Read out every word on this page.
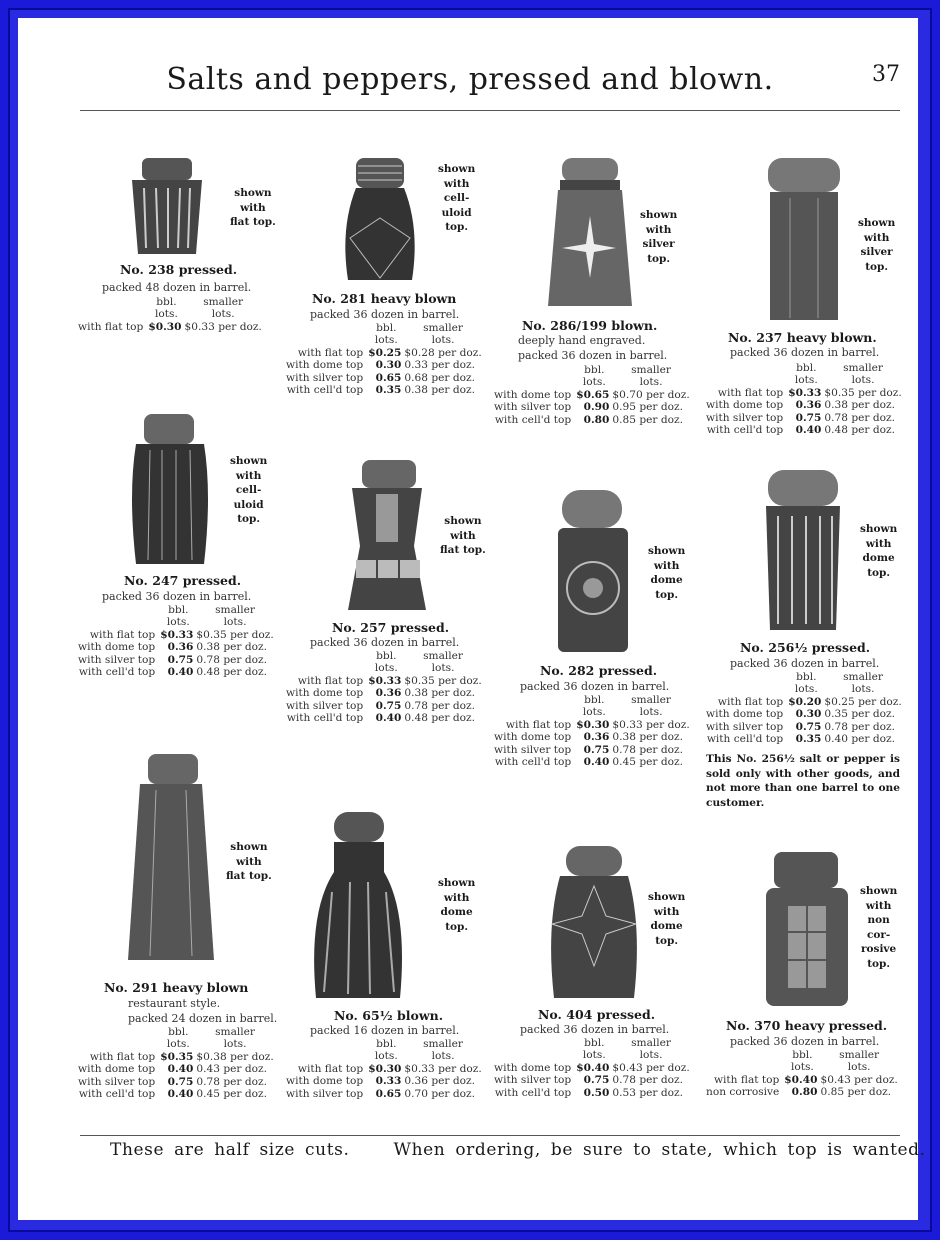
Salts and peppers, pressed and blown.	37
These are half size cuts.	When ordering, be sure to state, which top is wanted.
shown
with
flat top.
No. 238 pressed.
packed 48 dozen in barrel.
	bbl.	smaller
	lots.	lots.
with flat top	$0.30	$0.33 per doz.
shown
with
cell-
uloid
top.
No. 281 heavy blown
packed 36 dozen in barrel.
	bbl.	smaller
	lots.	lots.
with flat top	$0.25	$0.28 per doz.
with dome top	0.30	0.33 per doz.
with silver top	0.65	0.68 per doz.
with cell'd top	0.35	0.38 per doz.
shown
with
silver
top.
No. 286/199 blown.
deeply hand engraved.
packed 36 dozen in barrel.
	bbl.	smaller
	lots.	lots.
with dome top	$0.65	$0.70 per doz.
with silver top	0.90	0.95 per doz.
with cell'd top	0.80	0.85 per doz.
shown
with
silver
top.
No. 237 heavy blown.
packed 36 dozen in barrel.
	bbl.	smaller
	lots.	lots.
with flat top	$0.33	$0.35 per doz.
with dome top	0.36	0.38 per doz.
with silver top	0.75	0.78 per doz.
with cell'd top	0.40	0.48 per doz.
shown
with
cell-
uloid
top.
No. 247 pressed.
packed 36 dozen in barrel.
	bbl.	smaller
	lots.	lots.
with flat top	$0.33	$0.35 per doz.
with dome top	0.36	0.38 per doz.
with silver top	0.75	0.78 per doz.
with cell'd top	0.40	0.48 per doz.
shown
with
flat top.
No. 257 pressed.
packed 36 dozen in barrel.
	bbl.	smaller
	lots.	lots.
with flat top	$0.33	$0.35 per doz.
with dome top	0.36	0.38 per doz.
with silver top	0.75	0.78 per doz.
with cell'd top	0.40	0.48 per doz.
shown
with
dome
top.
No. 282 pressed.
packed 36 dozen in barrel.
	bbl.	smaller
	lots.	lots.
with flat top	$0.30	$0.33 per doz.
with dome top	0.36	0.38 per doz.
with silver top	0.75	0.78 per doz.
with cell'd top	0.40	0.45 per doz.
shown
with
dome
top.
No. 256½ pressed.
packed 36 dozen in barrel.
	bbl.	smaller
	lots.	lots.
with flat top	$0.20	$0.25 per doz.
with dome top	0.30	0.35 per doz.
with silver top	0.75	0.78 per doz.
with cell'd top	0.35	0.40 per doz.
shown
with
flat top.
No. 291 heavy blown
restaurant style.
packed 24 dozen in barrel.
	bbl.	smaller
	lots.	lots.
with flat top	$0.35	$0.38 per doz.
with dome top	0.40	0.43 per doz.
with silver top	0.75	0.78 per doz.
with cell'd top	0.40	0.45 per doz.
shown
with
dome
top.
No. 65½ blown.
packed 16 dozen in barrel.
	bbl.	smaller
	lots.	lots.
with flat top	$0.30	$0.33 per doz.
with dome top	0.33	0.36 per doz.
with silver top	0.65	0.70 per doz.
shown
with
dome
top.
No. 404 pressed.
packed 36 dozen in barrel.
	bbl.	smaller
	lots.	lots.
with dome top	$0.40	$0.43 per doz.
with silver top	0.75	0.78 per doz.
with cell'd top	0.50	0.53 per doz.
shown
with
non
cor-
rosive
top.
No. 370 heavy pressed.
packed 36 dozen in barrel.
	bbl.	smaller
	lots.	lots.
with flat top	$0.40	$0.43 per doz.
non corrosive	0.80	0.85 per doz.
This No. 256½ salt or pepper is sold only with other goods, and not more than one barrel to one customer.
